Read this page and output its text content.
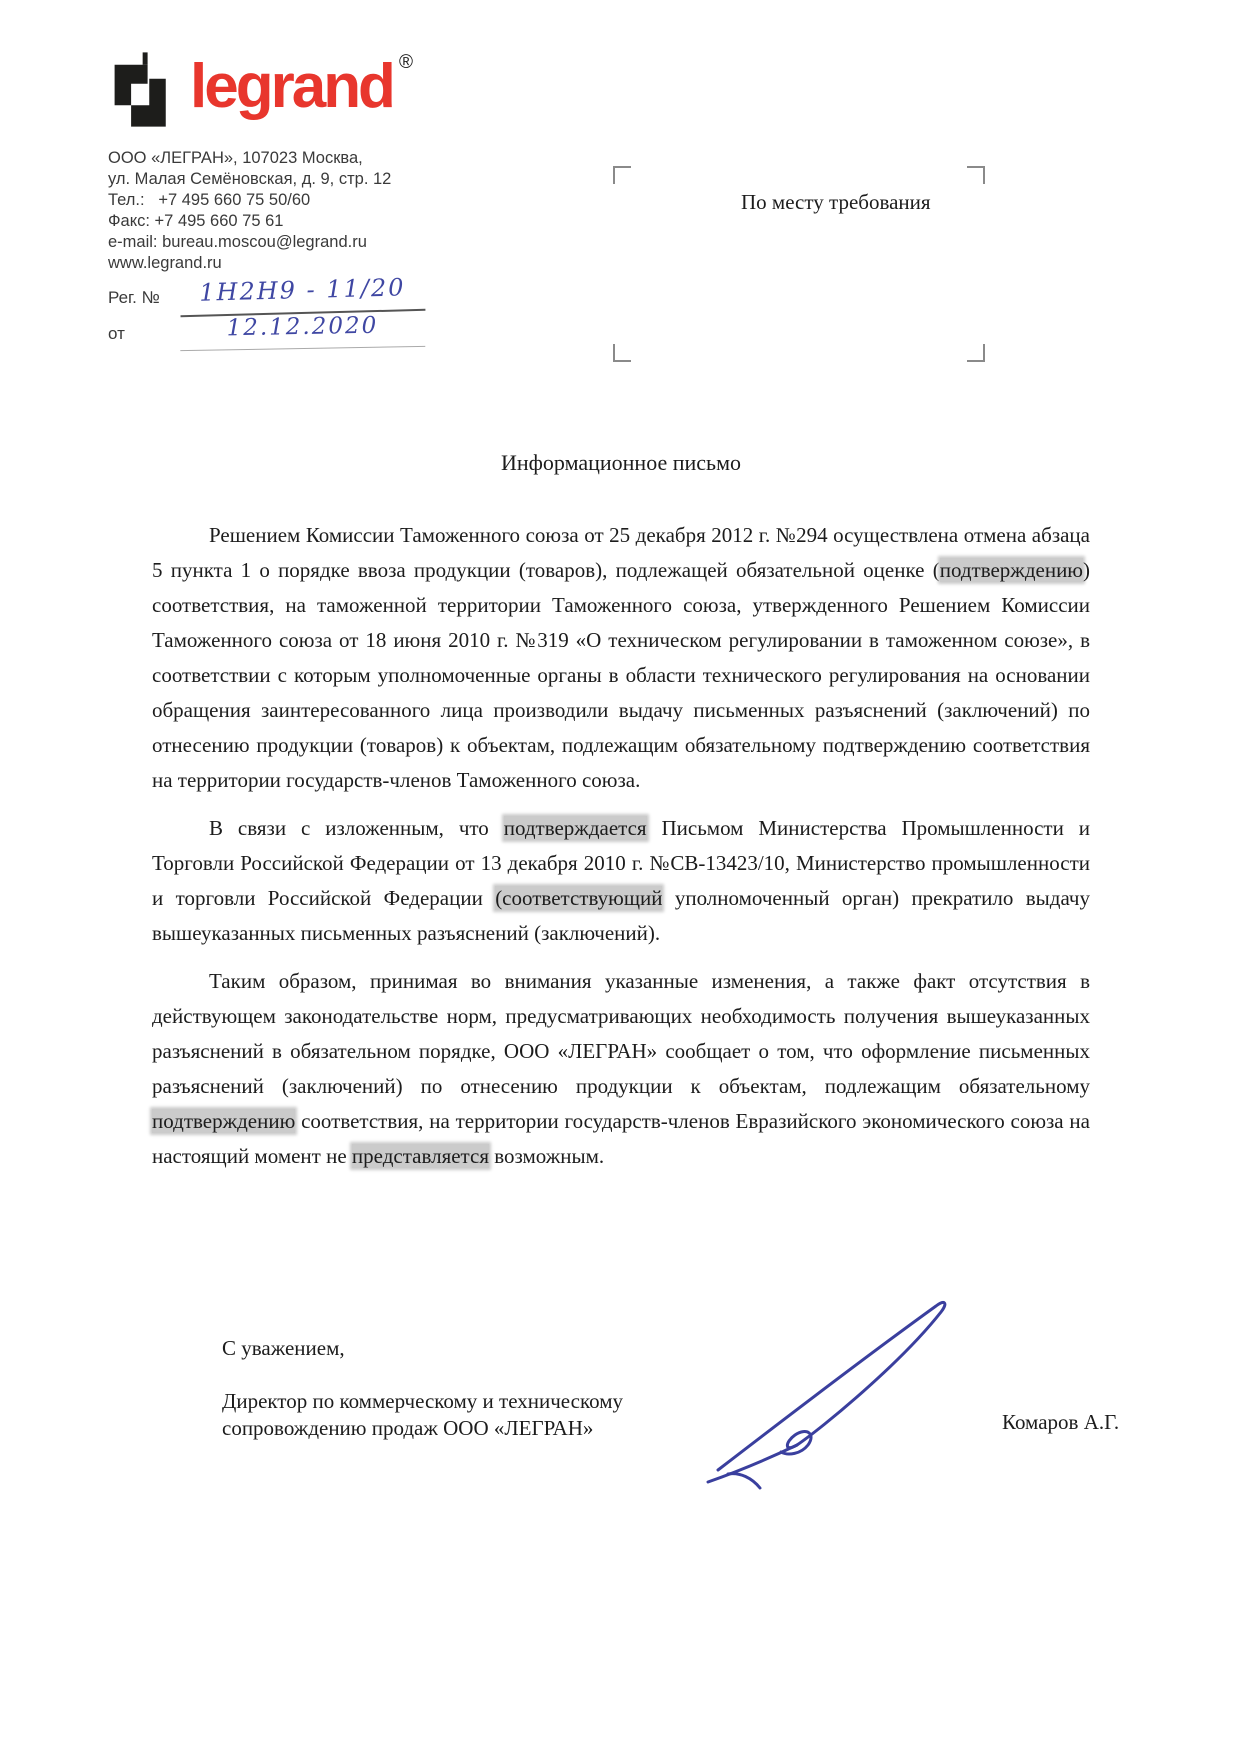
legrand ®
ООО «ЛЕГРАН», 107023 Москва,
ул. Малая Семёновская, д. 9, стр. 12
Тел.:   +7 495 660 75 50/60
Факс: +7 495 660 75 61
e-mail: bureau.moscou@legrand.ru
www.legrand.ru
Рег. №	1Н2Н9 - 11/20
от	12.12.2020
По месту требования
Информационное письмо

Решением Комиссии Таможенного союза от 25 декабря 2012 г. №294 осуществлена отмена абзаца 5 пункта 1 о порядке ввоза продукции (товаров), подлежащей обязательной оценке (подтверждению) соответствия, на таможенной территории Таможенного союза, утвержденного Решением Комиссии Таможенного союза от 18 июня 2010 г. №319 «О техническом регулировании в таможенном союзе», в соответствии с которым уполномоченные органы в области технического регулирования на основании обращения заинтересованного лица производили выдачу письменных разъяснений (заключений) по отнесению продукции (товаров) к объектам, подлежащим обязательному подтверждению соответствия на территории государств-членов Таможенного союза.

В связи с изложенным, что подтверждается Письмом Министерства Промышленности и Торговли Российской Федерации от 13 декабря 2010 г. №СВ-13423/10, Министерство промышленности и торговли Российской Федерации (соответствующий уполномоченный орган) прекратило выдачу вышеуказанных письменных разъяснений (заключений).

Таким образом, принимая во внимания указанные изменения, а также факт отсутствия в действующем законодательстве норм, предусматривающих необходимость получения вышеуказанных разъяснений в обязательном порядке, ООО «ЛЕГРАН» сообщает о том, что оформление письменных разъяснений (заключений) по отнесению продукции к объектам, подлежащим обязательному подтверждению соответствия, на территории государств-членов Евразийского экономического союза на настоящий момент не представляется возможным.

С уважением,
Директор по коммерческому и техническому
сопровождению продаж ООО «ЛЕГРАН»	Комаров А.Г.
